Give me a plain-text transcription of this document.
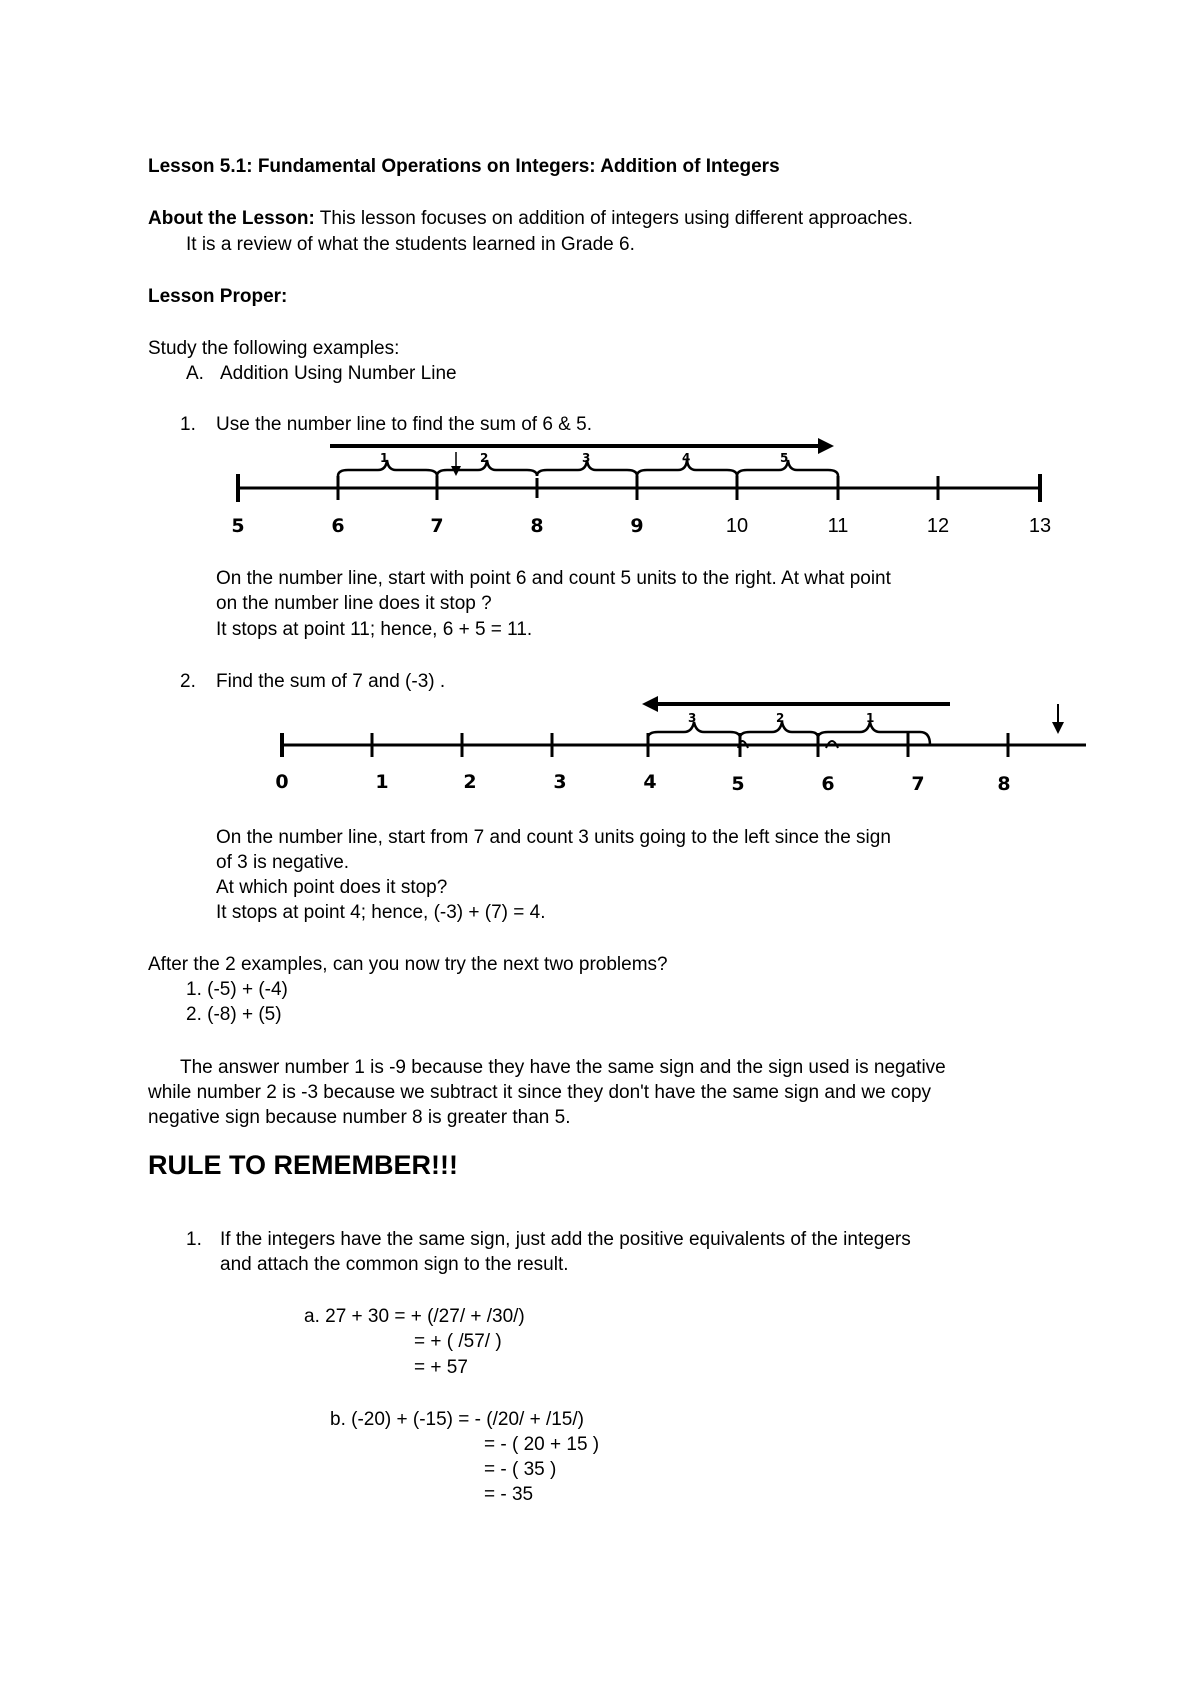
Lesson 5.1: Fundamental Operations on Integers: Addition of Integers
About the Lesson: This lesson focuses on addition of integers using different approaches.
It is a review of what the students learned in Grade 6.
Lesson Proper:
Study the following examples:
A. Addition Using Number Line
1. Use the number line to find the sum of 6 & 5.
1	2	3	4	5
5	6	7	8	9	10	11	12	13
On the number line, start with point 6 and count 5 units to the right. At what point
on the number line does it stop ?
It stops at point 11; hence, 6 + 5 = 11.
2. Find the sum of 7 and (-3) .
3	2	1
0	1	2	3	4	5	6	7	8
On the number line, start from 7 and count 3 units going to the left since the sign
of 3 is negative.
At which point does it stop?
It stops at point 4; hence, (-3) + (7) = 4.
After the 2 examples, can you now try the next two problems?
1. (-5) + (-4)
2. (-8) + (5)
The answer number 1 is -9 because they have the same sign and the sign used is negative
while number 2 is -3 because we subtract it since they don't have the same sign and we copy
negative sign because number 8 is greater than 5.
RULE TO REMEMBER!!!
1. If the integers have the same sign, just add the positive equivalents of the integers
and attach the common sign to the result.
a. 27 + 30 = + (/27/ + /30/)
= + ( /57/ )
= + 57
b. (-20) + (-15) = - (/20/ + /15/)
= - ( 20 + 15 )
= - ( 35 )
= - 35
